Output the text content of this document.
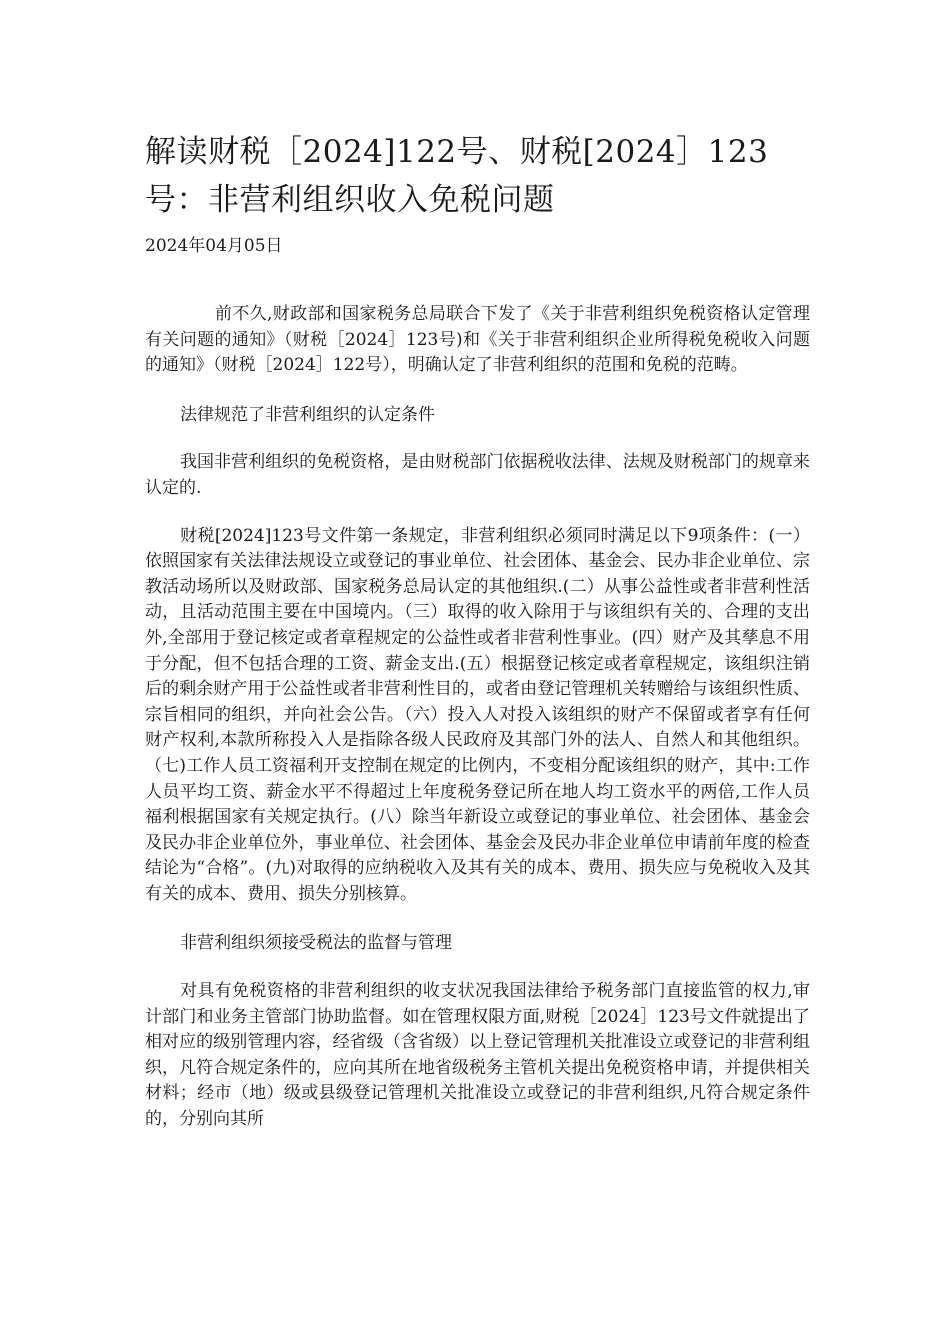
解读财税［2024]122号、财税[2024］123号：非营利组织收入免税问题
2024年04月05日

前不久,财政部和国家税务总局联合下发了《关于非营利组织免税资格认定管理有关问题的通知》（财税［2024］123号)和《关于非营利组织企业所得税免税收入问题的通知》（财税［2024］122号），明确认定了非营利组织的范围和免税的范畴。

法律规范了非营利组织的认定条件

我国非营利组织的免税资格，是由财税部门依据税收法律、法规及财税部门的规章来认定的.

财税[2024]123号文件第一条规定，非营利组织必须同时满足以下9项条件：(一）依照国家有关法律法规设立或登记的事业单位、社会团体、基金会、民办非企业单位、宗教活动场所以及财政部、国家税务总局认定的其他组织.(二）从事公益性或者非营利性活动，且活动范围主要在中国境内。（三）取得的收入除用于与该组织有关的、合理的支出外,全部用于登记核定或者章程规定的公益性或者非营利性事业。(四）财产及其孳息不用于分配，但不包括合理的工资、薪金支出.(五）根据登记核定或者章程规定，该组织注销后的剩余财产用于公益性或者非营利性目的，或者由登记管理机关转赠给与该组织性质、宗旨相同的组织，并向社会公告。（六）投入人对投入该组织的财产不保留或者享有任何财产权利,本款所称投入人是指除各级人民政府及其部门外的法人、自然人和其他组织。（七)工作人员工资福利开支控制在规定的比例内，不变相分配该组织的财产，其中:工作人员平均工资、薪金水平不得超过上年度税务登记所在地人均工资水平的两倍,工作人员福利根据国家有关规定执行。(八）除当年新设立或登记的事业单位、社会团体、基金会及民办非企业单位外，事业单位、社会团体、基金会及民办非企业单位申请前年度的检查结论为“合格”。(九)对取得的应纳税收入及其有关的成本、费用、损失应与免税收入及其有关的成本、费用、损失分别核算。

非营利组织须接受税法的监督与管理

对具有免税资格的非营利组织的收支状况我国法律给予税务部门直接监管的权力,审计部门和业务主管部门协助监督。如在管理权限方面,财税［2024］123号文件就提出了相对应的级别管理内容，经省级（含省级）以上登记管理机关批准设立或登记的非营利组织，凡符合规定条件的，应向其所在地省级税务主管机关提出免税资格申请，并提供相关材料；经市（地）级或县级登记管理机关批准设立或登记的非营利组织,凡符合规定条件的，分别向其所
